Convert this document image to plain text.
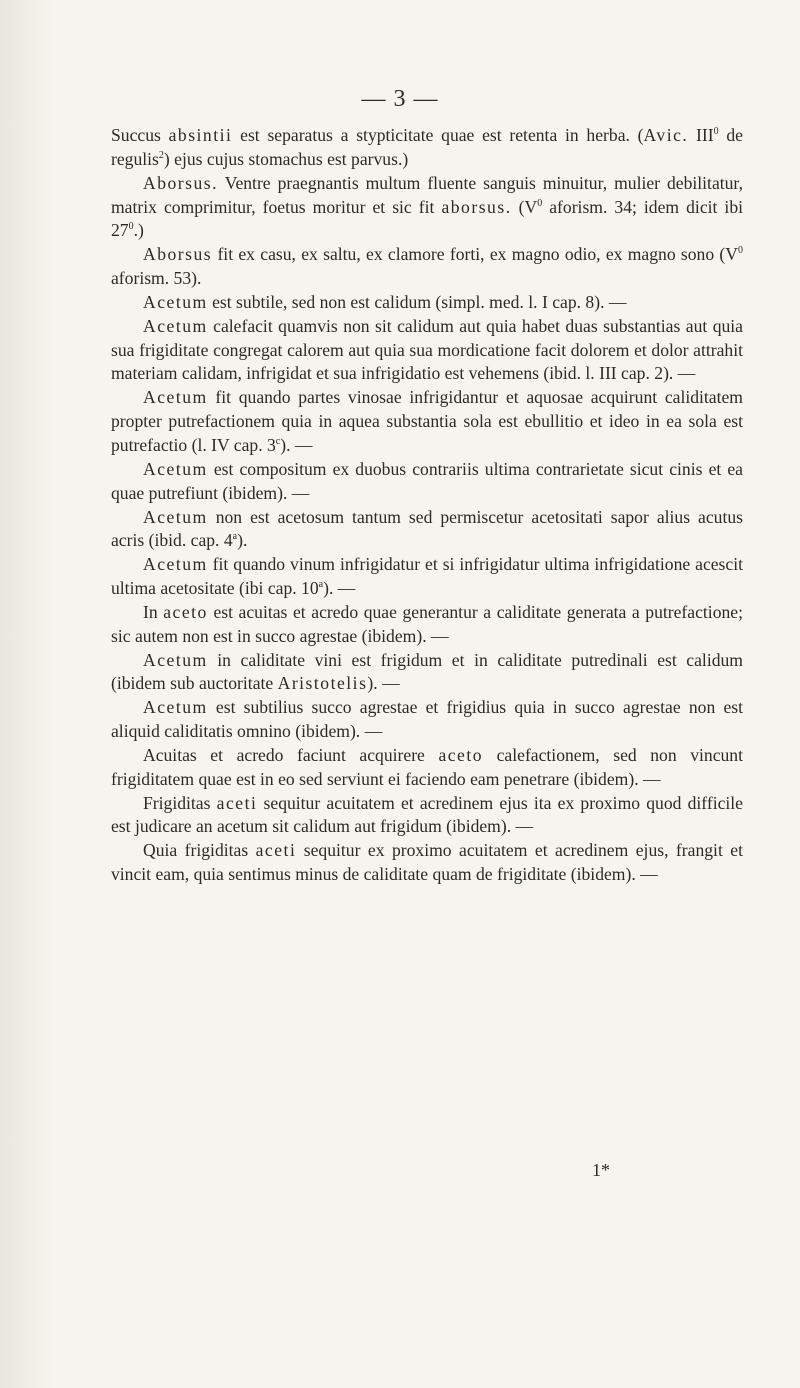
— 3 —

Succus absintii est separatus a stypticitate quae est retenta in herba. (Avic. III$^0$ de regulis$^2$) ejus cujus stomachus est parvus.)

Aborsus. Ventre praegnantis multum fluente sanguis minuitur, mulier debilitatur, matrix comprimitur, foetus moritur et sic fit aborsus. ($V^0$ aforism. 34; idem dicit ibi $27^0$.)

Aborsus fit ex casu, ex saltu, ex clamore forti, ex magno odio, ex magno sono ($V^0$ aforism. 53).

Acetum est subtile, sed non est calidum (simpl. med. l. I cap. 8). —

Acetum calefacit quamvis non sit calidum aut quia habet duas substantias aut quia sua frigiditate congregat calorem aut quia sua mordicatione facit dolorem et dolor attrahit materiam calidam, infrigidat et sua infrigidatio est vehemens (ibid. l. III cap. 2). —

Acetum fit quando partes vinosae infrigidantur et aquosae acquirunt caliditatem propter putrefactionem quia in aquea substantia sola est ebullitio et ideo in ea sola est putrefactio (l. IV cap. 3$^c$). —

Acetum est compositum ex duobus contrariis ultima contrarietate sicut cinis et ea quae putrefiunt (ibidem). —

Acetum non est acetosum tantum sed permiscetur acetositati sapor alius acutus acris (ibid. cap. 4$^a$).

Acetum fit quando vinum infrigidatur et si infrigidatur ultima infrigidatione acescit ultima acetositate (ibi cap. 10$^a$). —

In aceto est acuitas et acredo quae generantur a caliditate generata a putrefactione; sic autem non est in succo agrestae (ibidem). —

Acetum in caliditate vini est frigidum et in caliditate putredinali est calidum (ibidem sub auctoritate Aristotelis). —

Acetum est subtilius succo agrestae et frigidius quia in succo agrestae non est aliquid caliditatis omnino (ibidem). —

Acuitas et acredo faciunt acquirere aceto calefactionem, sed non vincunt frigiditatem quae est in eo sed serviunt ei faciendo eam penetrare (ibidem). —

Frigiditas aceti sequitur acuitatem et acredinem ejus ita ex proximo quod difficile est judicare an acetum sit calidum aut frigidum (ibidem). —

Quia frigiditas aceti sequitur ex proximo acuitatem et acredinem ejus, frangit et vincit eam, quia sentimus minus de caliditate quam de frigiditate (ibidem). —

1*
